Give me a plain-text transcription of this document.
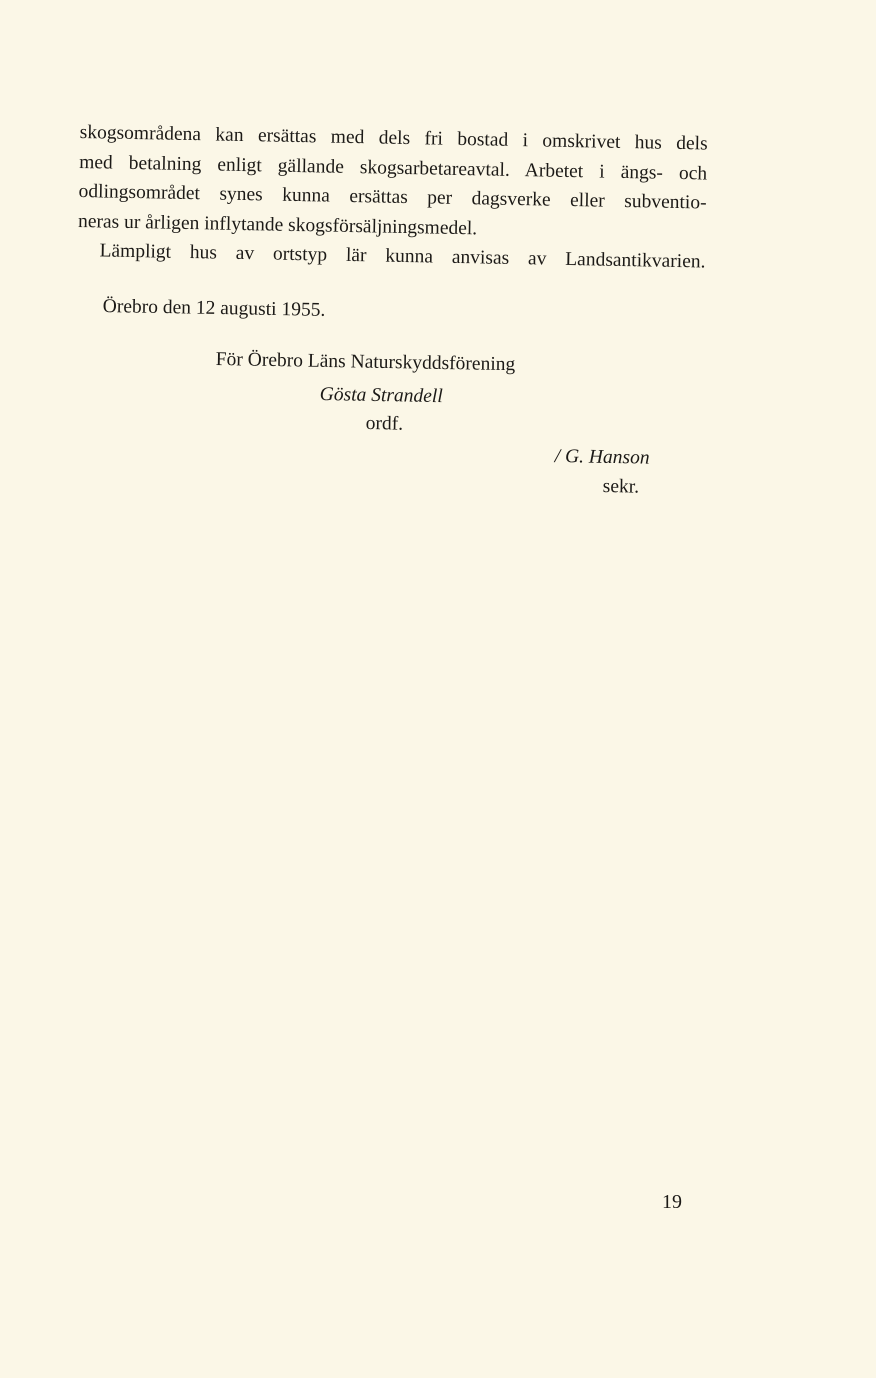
skogsområdena kan ersättas med dels fri bostad i omskrivet hus dels
med betalning enligt gällande skogsarbetareavtal. Arbetet i ängs- och
odlingsområdet synes kunna ersättas per dagsverke eller subventio-
neras ur årligen inflytande skogsförsäljningsmedel.
Lämpligt hus av ortstyp lär kunna anvisas av Landsantikvarien.
Örebro den 12 augusti 1955.
För Örebro Läns Naturskyddsförening
Gösta Strandell
ordf.
/ G. Hanson
sekr.
19
